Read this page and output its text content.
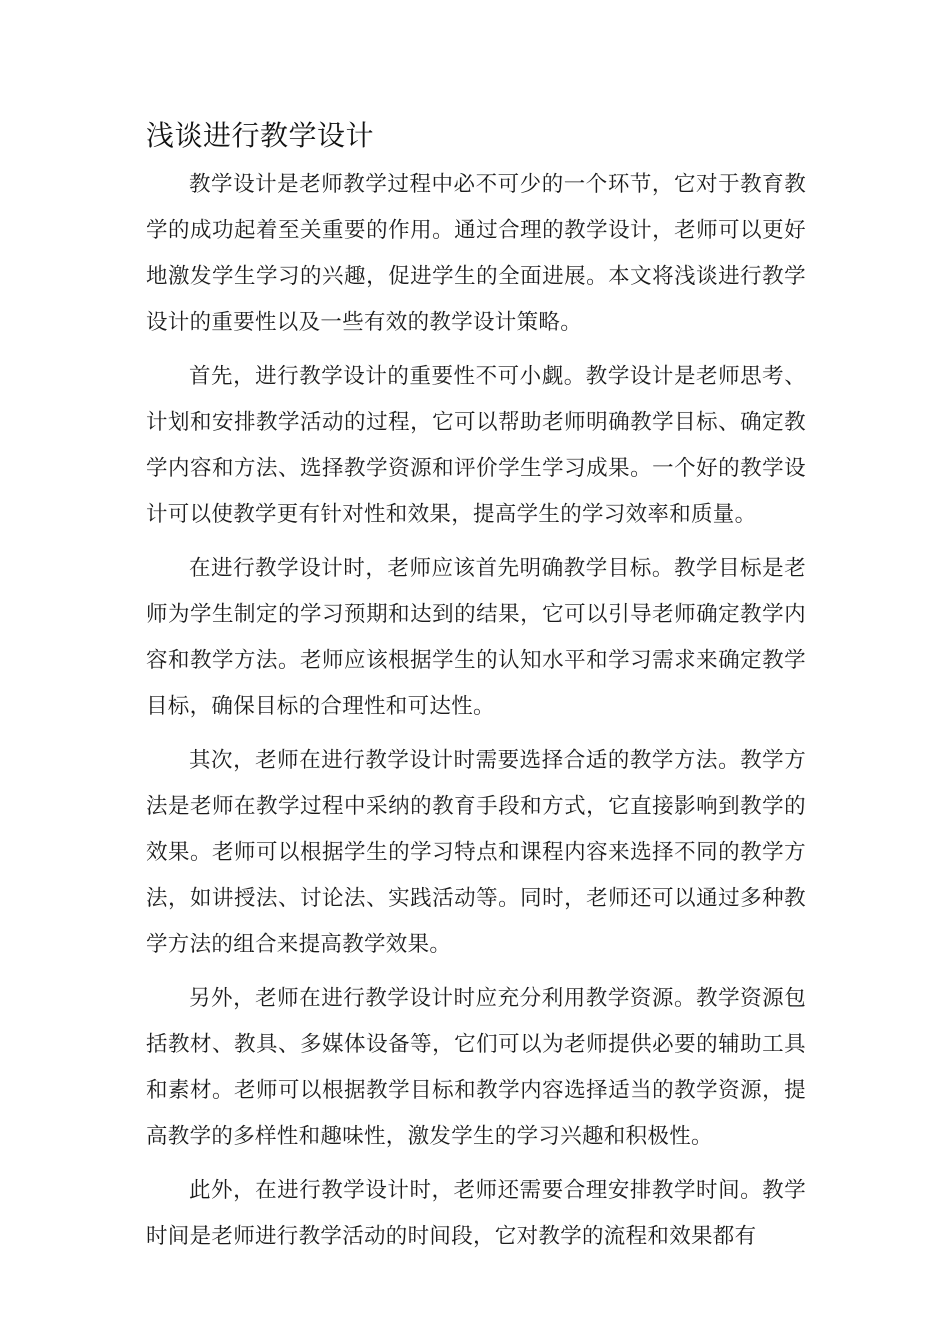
浅谈进行教学设计

教学设计是老师教学过程中必不可少的一个环节，它对于教育教学的成功起着至关重要的作用。通过合理的教学设计，老师可以更好地激发学生学习的兴趣，促进学生的全面进展。本文将浅谈进行教学设计的重要性以及一些有效的教学设计策略。

首先，进行教学设计的重要性不可小觑。教学设计是老师思考、计划和安排教学活动的过程，它可以帮助老师明确教学目标、确定教学内容和方法、选择教学资源和评价学生学习成果。一个好的教学设计可以使教学更有针对性和效果，提高学生的学习效率和质量。

在进行教学设计时，老师应该首先明确教学目标。教学目标是老师为学生制定的学习预期和达到的结果，它可以引导老师确定教学内容和教学方法。老师应该根据学生的认知水平和学习需求来确定教学目标，确保目标的合理性和可达性。

其次，老师在进行教学设计时需要选择合适的教学方法。教学方法是老师在教学过程中采纳的教育手段和方式，它直接影响到教学的效果。老师可以根据学生的学习特点和课程内容来选择不同的教学方法，如讲授法、讨论法、实践活动等。同时，老师还可以通过多种教学方法的组合来提高教学效果。

另外，老师在进行教学设计时应充分利用教学资源。教学资源包括教材、教具、多媒体设备等，它们可以为老师提供必要的辅助工具和素材。老师可以根据教学目标和教学内容选择适当的教学资源，提高教学的多样性和趣味性，激发学生的学习兴趣和积极性。

此外，在进行教学设计时，老师还需要合理安排教学时间。教学时间是老师进行教学活动的时间段，它对教学的流程和效果都有
